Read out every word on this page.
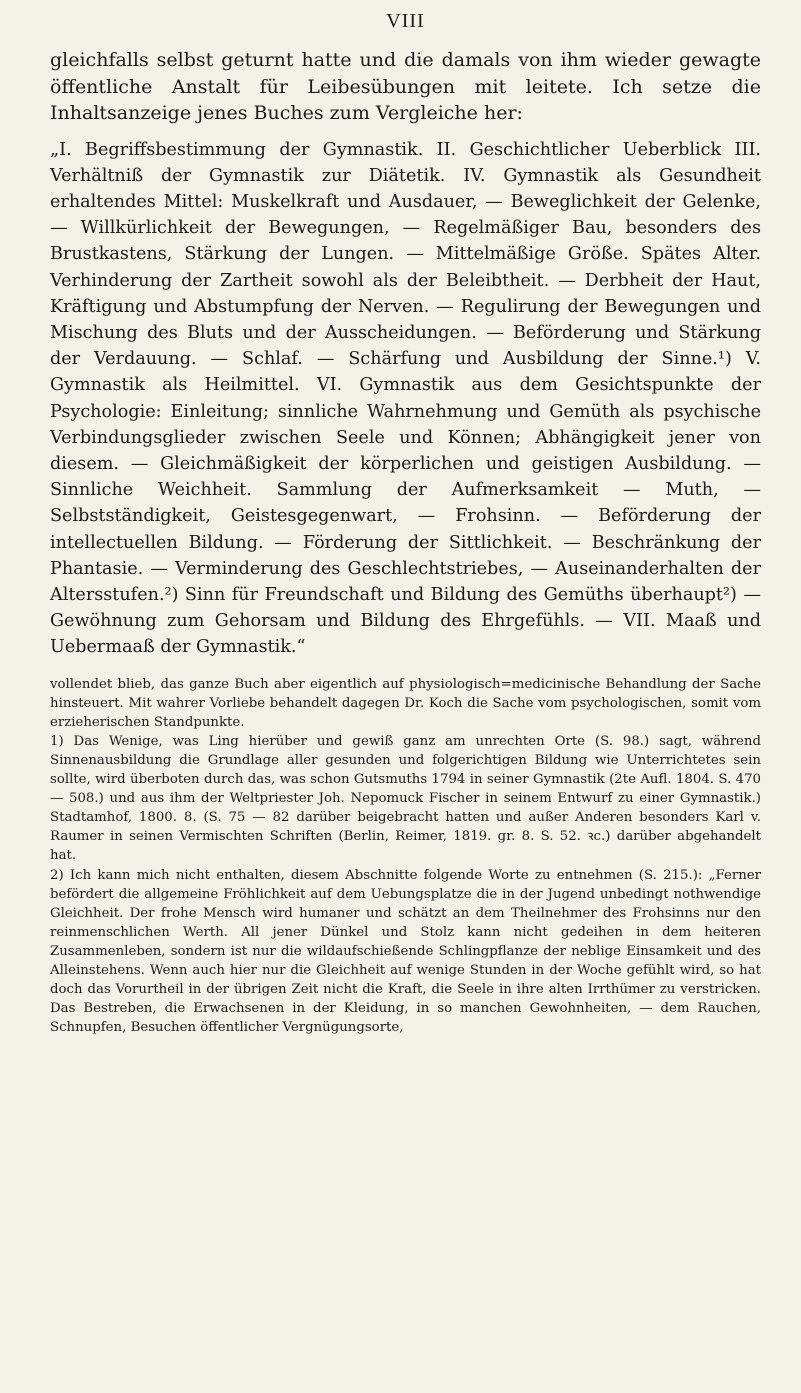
VIII

gleichfalls selbst geturnt hatte und die damals von ihm wieder gewagte öffentliche Anstalt für Leibesübungen mit leitete. Ich setze die Inhaltsanzeige jenes Buches zum Vergleiche her:

„I. Begriffsbestimmung der Gymnastik. II. Geschichtlicher Ueberblick III. Verhältniß der Gymnastik zur Diätetik. IV. Gymnastik als Gesundheit erhaltendes Mittel: Muskelkraft und Ausdauer, — Beweglichkeit der Gelenke, — Willkürlichkeit der Bewegungen, — Regelmäßiger Bau, besonders des Brustkastens, Stärkung der Lungen. — Mittelmäßige Größe. Spätes Alter. Verhinderung der Zartheit sowohl als der Beleibtheit. — Derbheit der Haut, Kräftigung und Abstumpfung der Nerven. — Regulirung der Bewegungen und Mischung des Bluts und der Ausscheidungen. — Beförderung und Stärkung der Verdauung. — Schlaf. — Schärfung und Ausbildung der Sinne.¹) V. Gymnastik als Heilmittel. VI. Gymnastik aus dem Gesichtspunkte der Psychologie: Einleitung; sinnliche Wahrnehmung und Gemüth als psychische Verbindungsglieder zwischen Seele und Können; Abhängigkeit jener von diesem. — Gleichmäßigkeit der körperlichen und geistigen Ausbildung. — Sinnliche Weichheit. Sammlung der Aufmerksamkeit — Muth, — Selbstständigkeit, Geistesgegenwart, — Frohsinn. — Beförderung der intellectuellen Bildung. — Förderung der Sittlichkeit. — Beschränkung der Phantasie. — Verminderung des Geschlechtstriebes, — Auseinanderhalten der Altersstufen.²) Sinn für Freundschaft und Bildung des Gemüths überhaupt²) — Gewöhnung zum Gehorsam und Bildung des Ehrgefühls. — VII. Maaß und Uebermaaß der Gymnastik.“

vollendet blieb, das ganze Buch aber eigentlich auf physiologisch=medicinische Behandlung der Sache hinsteuert. Mit wahrer Vorliebe behandelt dagegen Dr. Koch die Sache vom psychologischen, somit vom erzieherischen Standpunkte.

1) Das Wenige, was Ling hierüber und gewiß ganz am unrechten Orte (S. 98.) sagt, während Sinnenausbildung die Grundlage aller gesunden und folgerichtigen Bildung wie Unterrichtetes sein sollte, wird überboten durch das, was schon Gutsmuths 1794 in seiner Gymnastik (2te Aufl. 1804. S. 470 — 508.) und aus ihm der Weltpriester Joh. Nepomuck Fischer in seinem Entwurf zu einer Gymnastik.) Stadtamhof, 1800. 8. (S. 75 — 82 darüber beigebracht hatten und außer Anderen besonders Karl v. Raumer in seinen Vermischten Schriften (Berlin, Reimer, 1819. gr. 8. S. 52. ꝛc.) darüber abgehandelt hat.

2) Ich kann mich nicht enthalten, diesem Abschnitte folgende Worte zu entnehmen (S. 215.): „Ferner befördert die allgemeine Fröhlichkeit auf dem Uebungsplatze die in der Jugend unbedingt nothwendige Gleichheit. Der frohe Mensch wird humaner und schätzt an dem Theilnehmer des Frohsinns nur den reinmenschlichen Werth. All jener Dünkel und Stolz kann nicht gedeihen in dem heiteren Zusammenleben, sondern ist nur die wildaufschießende Schlingpflanze der neblige Einsamkeit und des Alleinstehens. Wenn auch hier nur die Gleichheit auf wenige Stunden in der Woche gefühlt wird, so hat doch das Vorurtheil in der übrigen Zeit nicht die Kraft, die Seele in ihre alten Irrthümer zu verstricken. Das Bestreben, die Erwachsenen in der Kleidung, in so manchen Gewohnheiten, — dem Rauchen, Schnupfen, Besuchen öffentlicher Vergnügungsorte,
